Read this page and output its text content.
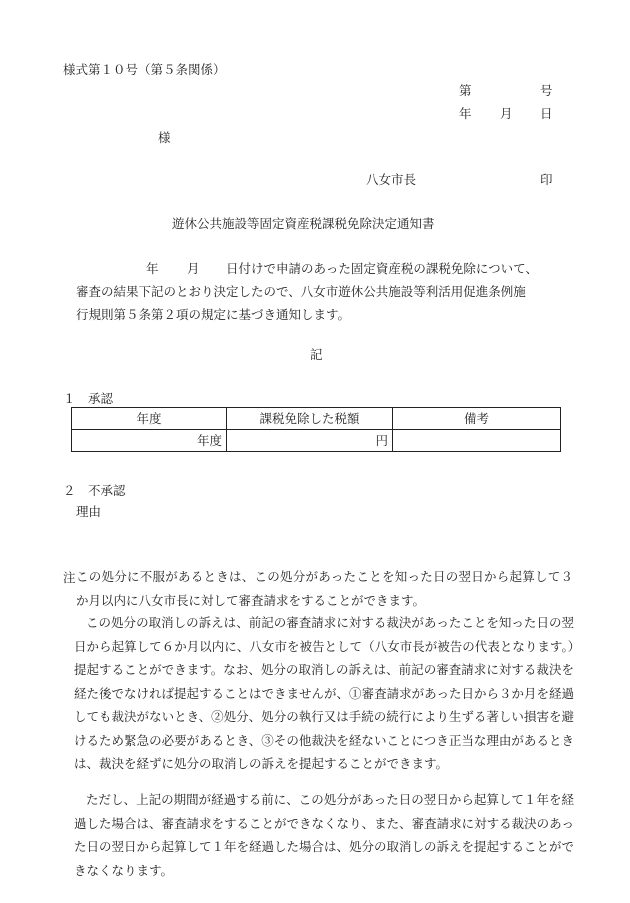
様式第１０号（第５条関係）
第	号
年 月 日
様
八女市長	印
遊休公共施設等固定資産税課税免除決定通知書
年 月 日付けで申請のあった固定資産税の課税免除について、
審査の結果下記のとおり決定したので、八女市遊休公共施設等利活用促進条例施
行規則第５条第２項の規定に基づき通知します。
記
１　承認
年度	課税免除した税額	備考
年度	円	
２　不承認
理由
注 この処分に不服があるときは、この処分があったことを知った日の翌日から起算して３か月以内に八女市長に対して審査請求をすることができます。
この処分の取消しの訴えは、前記の審査請求に対する裁決があったことを知った日の翌日から起算して６か月以内に、八女市を被告として（八女市長が被告の代表となります。）提起することができます。なお、処分の取消しの訴えは、前記の審査請求に対する裁決を経た後でなければ提起することはできませんが、①審査請求があった日から３か月を経過しても裁決がないとき、②処分、処分の執行又は手続の続行により生ずる著しい損害を避けるため緊急の必要があるとき、③その他裁決を経ないことにつき正当な理由があるときは、裁決を経ずに処分の取消しの訴えを提起することができます。
ただし、上記の期間が経過する前に、この処分があった日の翌日から起算して１年を経過した場合は、審査請求をすることができなくなり、また、審査請求に対する裁決のあった日の翌日から起算して１年を経過した場合は、処分の取消しの訴えを提起することができなくなります。
